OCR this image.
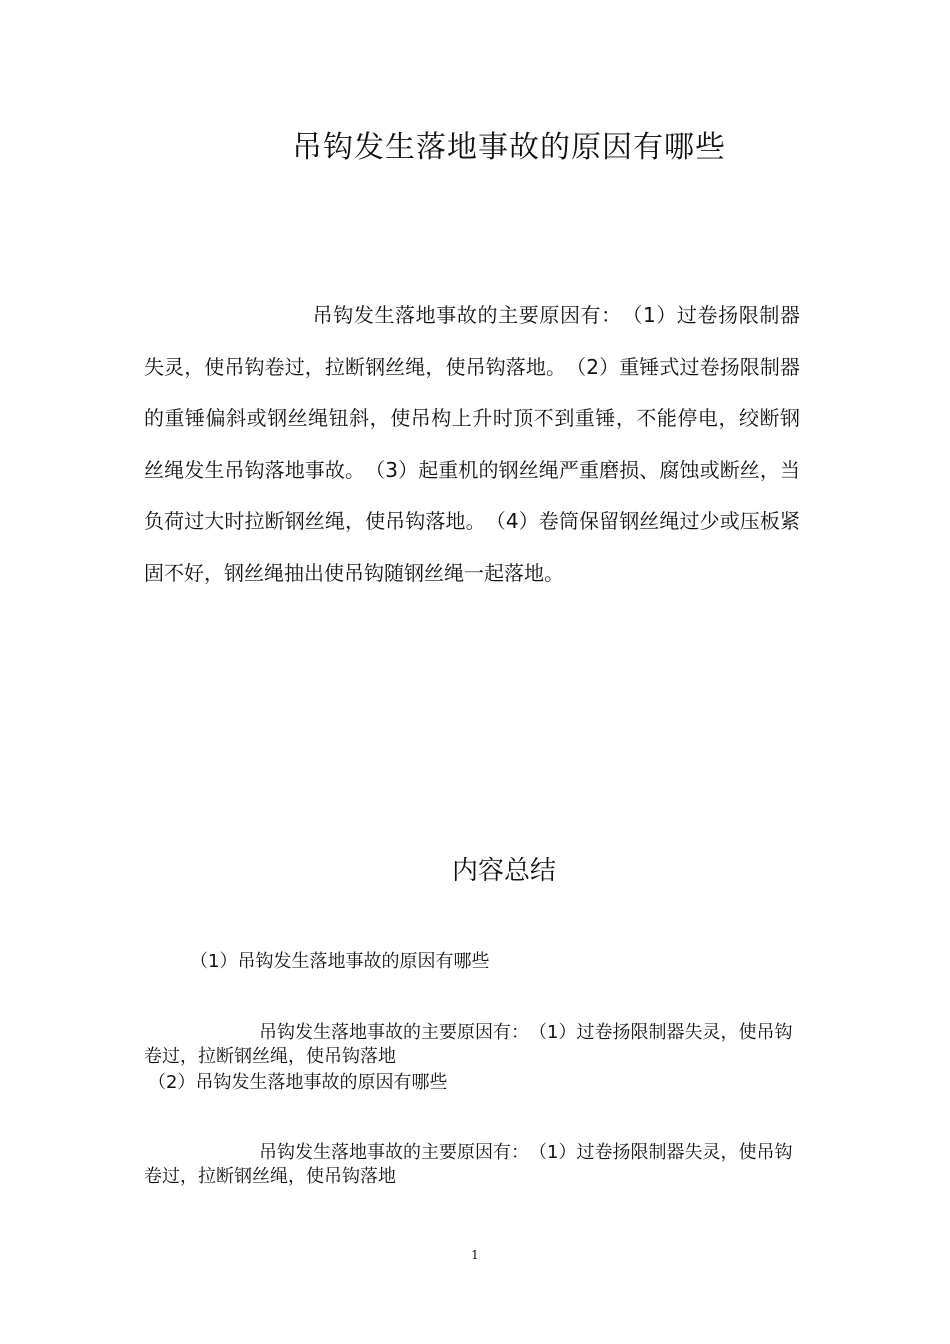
吊钩发生落地事故的原因有哪些

吊钩发生落地事故的主要原因有：　（1）过卷扬限制器失灵，使吊钩卷过，拉断钢丝绳，使吊钩落地。　（2）重锤式过卷扬限制器的重锤偏斜或钢丝绳钮斜，使吊构上升时顶不到重锤，不能停电，绞断钢丝绳发生吊钩落地事故。　（3）起重机的钢丝绳严重磨损、腐蚀或断丝，当负荷过大时拉断钢丝绳，使吊钩落地。　（4）卷筒保留钢丝绳过少或压板紧固不好，钢丝绳抽出使吊钩随钢丝绳一起落地。

内容总结

（1）吊钩发生落地事故的原因有哪些

吊钩发生落地事故的主要原因有：　（1）过卷扬限制器失灵，使吊钩卷过，拉断钢丝绳，使吊钩落地

（2）吊钩发生落地事故的原因有哪些

吊钩发生落地事故的主要原因有：　（1）过卷扬限制器失灵，使吊钩卷过，拉断钢丝绳，使吊钩落地

1
